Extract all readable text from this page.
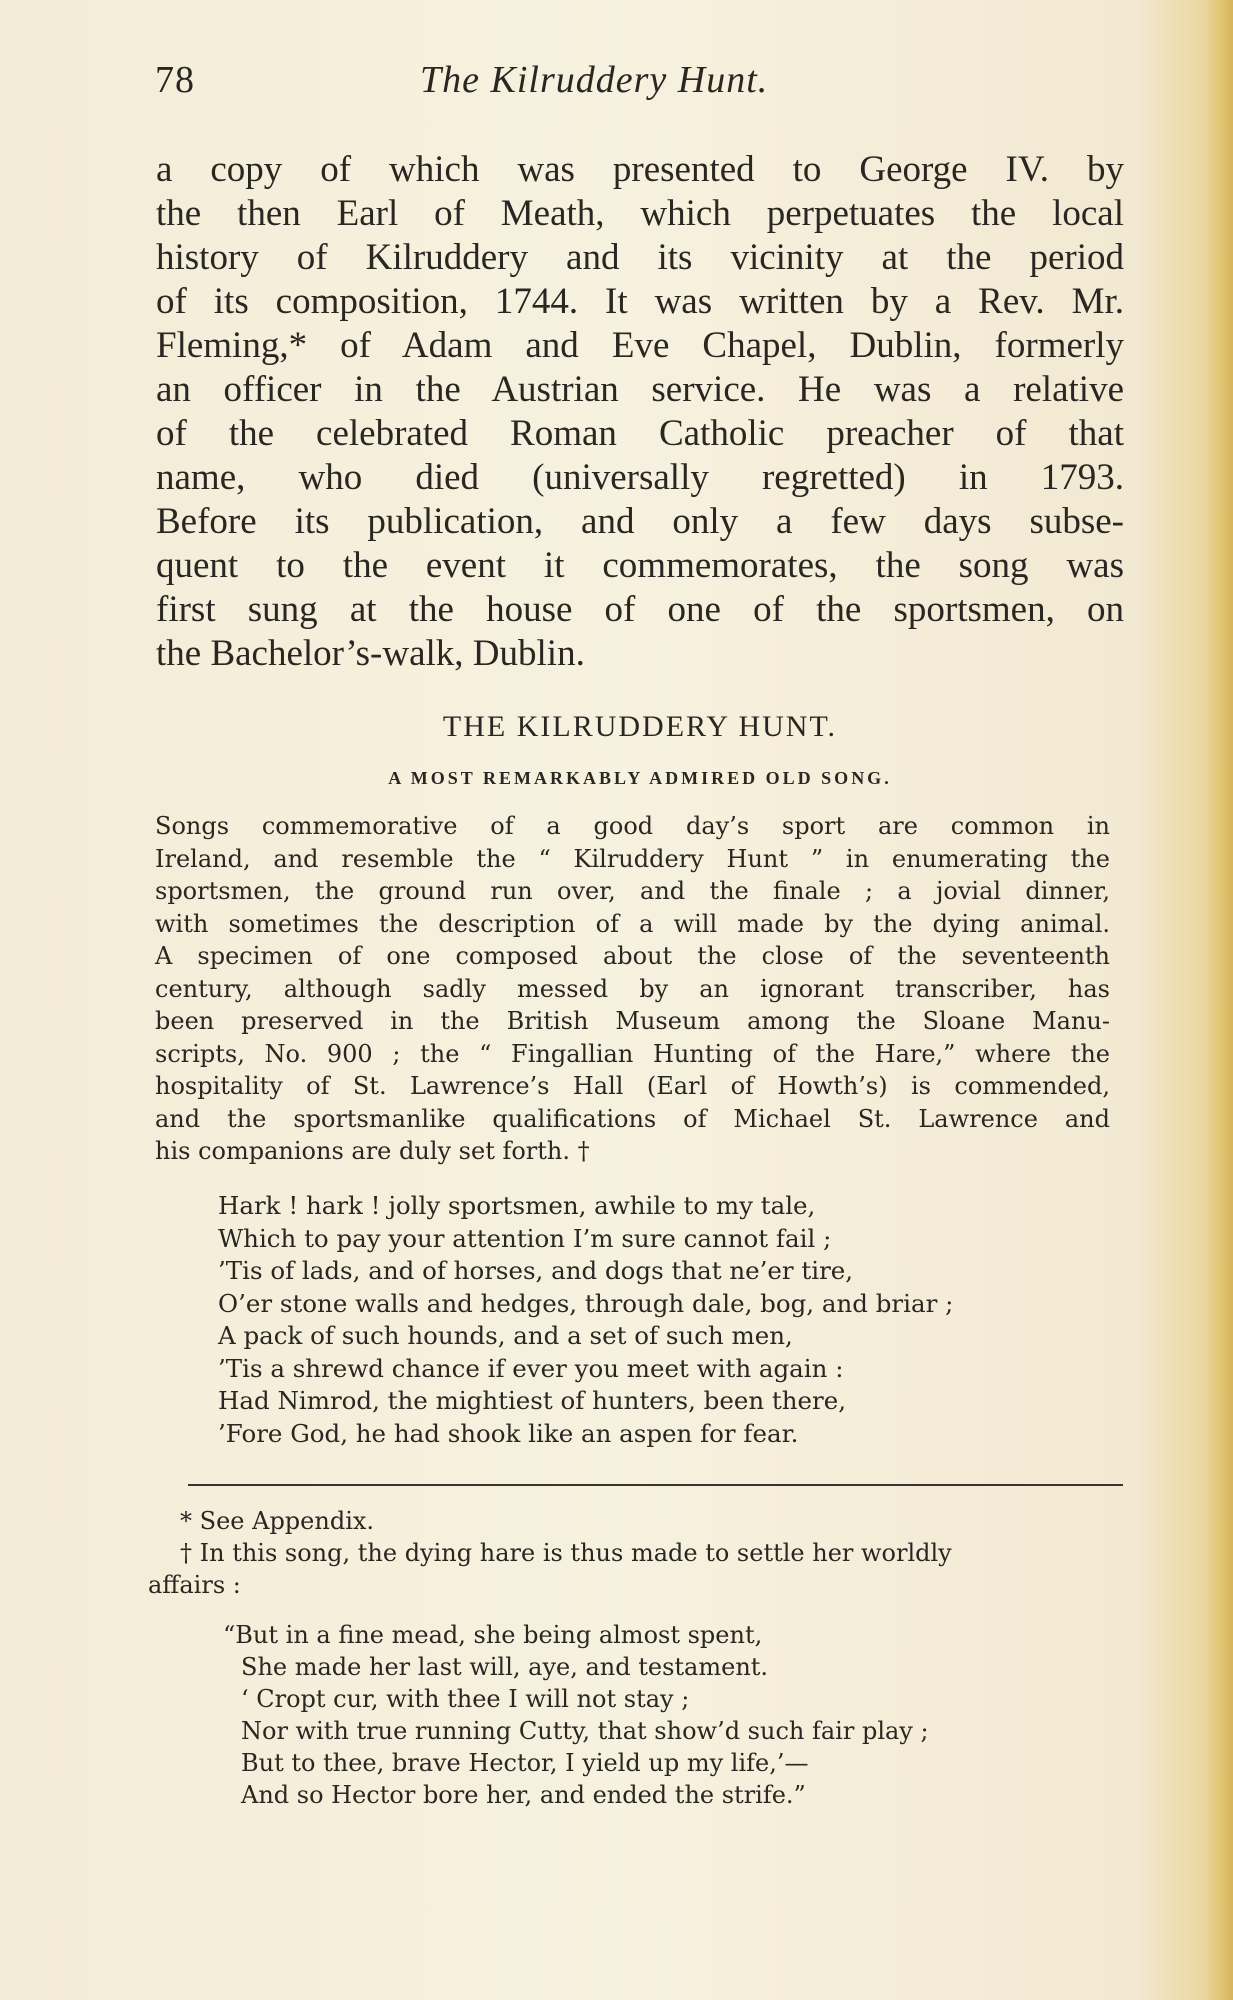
78	The Kilruddery Hunt.
a copy of which was presented to George IV. by
the then Earl of Meath, which perpetuates the local
history of Kilruddery and its vicinity at the period
of its composition, 1744. It was written by a Rev. Mr.
Fleming,* of Adam and Eve Chapel, Dublin, formerly
an officer in the Austrian service. He was a relative
of the celebrated Roman Catholic preacher of that
name, who died (universally regretted) in 1793.
Before its publication, and only a few days subse-
quent to the event it commemorates, the song was
first sung at the house of one of the sportsmen, on
the Bachelor’s-walk, Dublin.
THE KILRUDDERY HUNT.
A MOST REMARKABLY ADMIRED OLD SONG.
Songs commemorative of a good day’s sport are common in
Ireland, and resemble the “ Kilruddery Hunt ” in enumerating the
sportsmen, the ground run over, and the finale ; a jovial dinner,
with sometimes the description of a will made by the dying animal.
A specimen of one composed about the close of the seventeenth
century, although sadly messed by an ignorant transcriber, has
been preserved in the British Museum among the Sloane Manu-
scripts, No. 900 ; the “ Fingallian Hunting of the Hare,” where the
hospitality of St. Lawrence’s Hall (Earl of Howth’s) is commended,
and the sportsmanlike qualifications of Michael St. Lawrence and
his companions are duly set forth. †
Hark ! hark ! jolly sportsmen, awhile to my tale,
Which to pay your attention I’m sure cannot fail ;
’Tis of lads, and of horses, and dogs that ne’er tire,
O’er stone walls and hedges, through dale, bog, and briar ;
A pack of such hounds, and a set of such men,
’Tis a shrewd chance if ever you meet with again :
Had Nimrod, the mightiest of hunters, been there,
’Fore God, he had shook like an aspen for fear.
* See Appendix.
† In this song, the dying hare is thus made to settle her worldly
affairs :
“But in a fine mead, she being almost spent,
She made her last will, aye, and testament.
‘ Cropt cur, with thee I will not stay ;
Nor with true running Cutty, that show’d such fair play ;
But to thee, brave Hector, I yield up my life,’—
And so Hector bore her, and ended the strife.”
